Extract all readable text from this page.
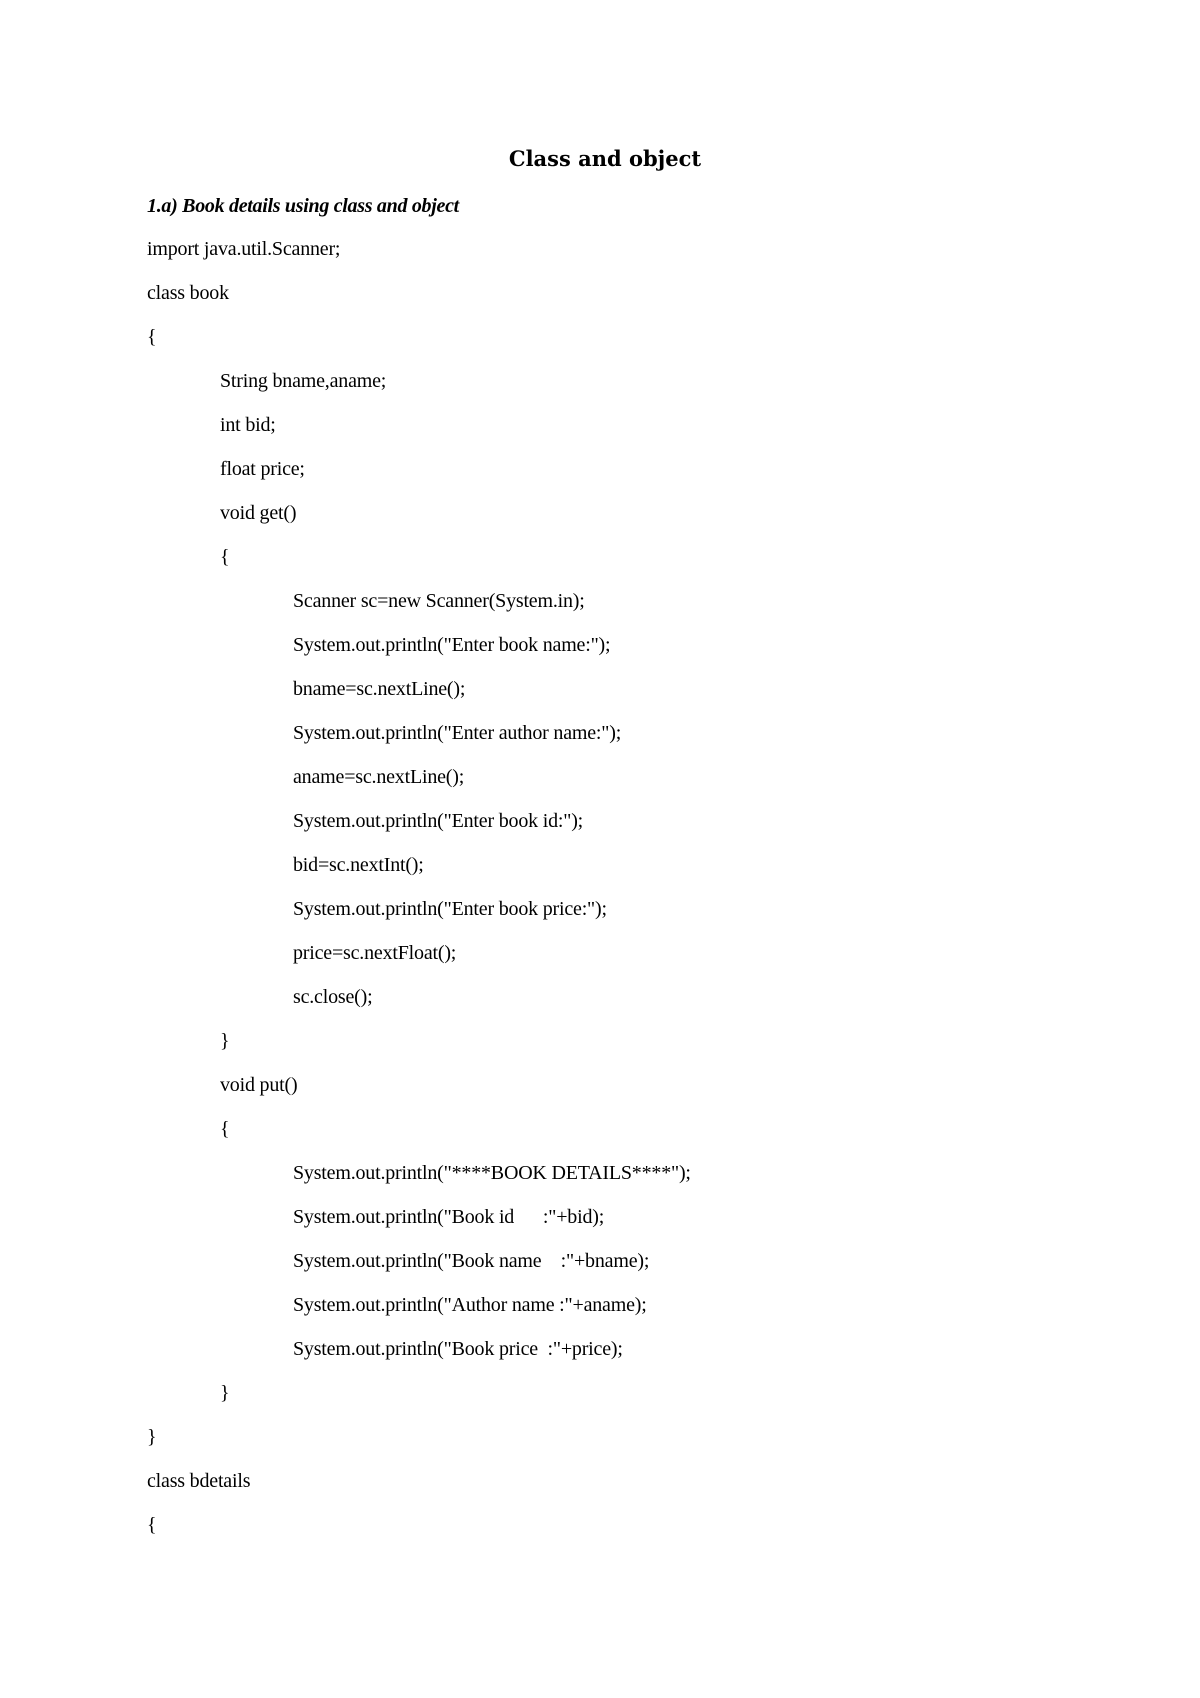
Class and object
1.a) Book details using class and object
import java.util.Scanner;
class book
{
String bname,aname;
int bid;
float price;
void get()
{
Scanner sc=new Scanner(System.in);
System.out.println("Enter book name:");
bname=sc.nextLine();
System.out.println("Enter author name:");
aname=sc.nextLine();
System.out.println("Enter book id:");
bid=sc.nextInt();
System.out.println("Enter book price:");
price=sc.nextFloat();
sc.close();
}
void put()
{
System.out.println("****BOOK DETAILS****");
System.out.println("Book id      :"+bid);
System.out.println("Book name    :"+bname);
System.out.println("Author name :"+aname);
System.out.println("Book price  :"+price);
}
}
class bdetails
{
